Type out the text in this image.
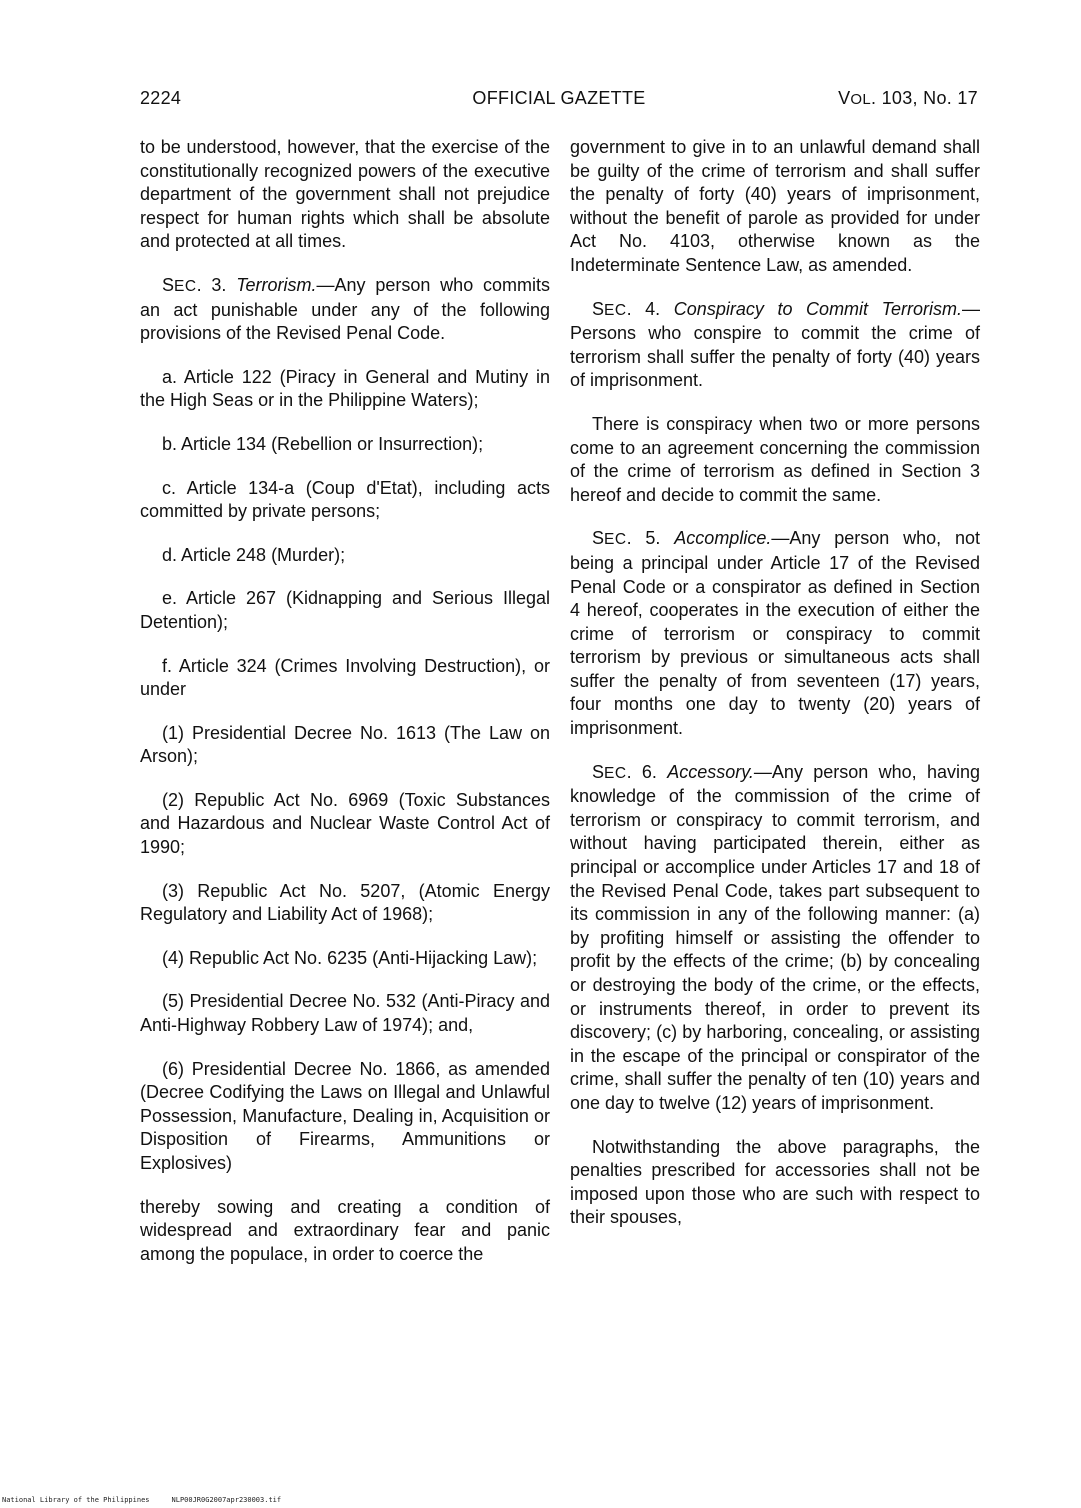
2224	OFFICIAL GAZETTE	VOL. 103, No. 17

to be understood, however, that the exercise of the constitutionally recognized powers of the executive department of the government shall not prejudice respect for human rights which shall be absolute and protected at all times.

SEC. 3. Terrorism.—Any person who commits an act punishable under any of the following provisions of the Revised Penal Code.

a. Article 122 (Piracy in General and Mutiny in the High Seas or in the Philippine Waters);

b. Article 134 (Rebellion or Insurrection);

c. Article 134-a (Coup d'Etat), including acts committed by private persons;

d. Article 248 (Murder);

e. Article 267 (Kidnapping and Serious Illegal Detention);

f. Article 324 (Crimes Involving Destruction), or under

(1) Presidential Decree No. 1613 (The Law on Arson);

(2) Republic Act No. 6969 (Toxic Substances and Hazardous and Nuclear Waste Control Act of 1990;

(3) Republic Act No. 5207, (Atomic Energy Regulatory and Liability Act of 1968);

(4) Republic Act No. 6235 (Anti-Hijacking Law);

(5) Presidential Decree No. 532 (Anti-Piracy and Anti-Highway Robbery Law of 1974); and,

(6) Presidential Decree No. 1866, as amended (Decree Codifying the Laws on Illegal and Unlawful Possession, Manufacture, Dealing in, Acquisition or Disposition of Firearms, Ammunitions or Explosives)

thereby sowing and creating a condition of widespread and extraordinary fear and panic among the populace, in order to coerce the

government to give in to an unlawful demand shall be guilty of the crime of terrorism and shall suffer the penalty of forty (40) years of imprisonment, without the benefit of parole as provided for under Act No. 4103, otherwise known as the Indeterminate Sentence Law, as amended.

SEC. 4. Conspiracy to Commit Terrorism.—Persons who conspire to commit the crime of terrorism shall suffer the penalty of forty (40) years of imprisonment.

There is conspiracy when two or more persons come to an agreement concerning the commission of the crime of terrorism as defined in Section 3 hereof and decide to commit the same.

SEC. 5. Accomplice.—Any person who, not being a principal under Article 17 of the Revised Penal Code or a conspirator as defined in Section 4 hereof, cooperates in the execution of either the crime of terrorism or conspiracy to commit terrorism by previous or simultaneous acts shall suffer the penalty of from seventeen (17) years, four months one day to twenty (20) years of imprisonment.

SEC. 6. Accessory.—Any person who, having knowledge of the commission of the crime of terrorism or conspiracy to commit terrorism, and without having participated therein, either as principal or accomplice under Articles 17 and 18 of the Revised Penal Code, takes part subsequent to its commission in any of the following manner: (a) by profiting himself or assisting the offender to profit by the effects of the crime; (b) by concealing or destroying the body of the crime, or the effects, or instruments thereof, in order to prevent its discovery; (c) by harboring, concealing, or assisting in the escape of the principal or conspirator of the crime, shall suffer the penalty of ten (10) years and one day to twelve (12) years of imprisonment.

Notwithstanding the above paragraphs, the penalties prescribed for accessories shall not be imposed upon those who are such with respect to their spouses,

National Library of the Philippines	NLP00JR0G2007apr230003.tif
